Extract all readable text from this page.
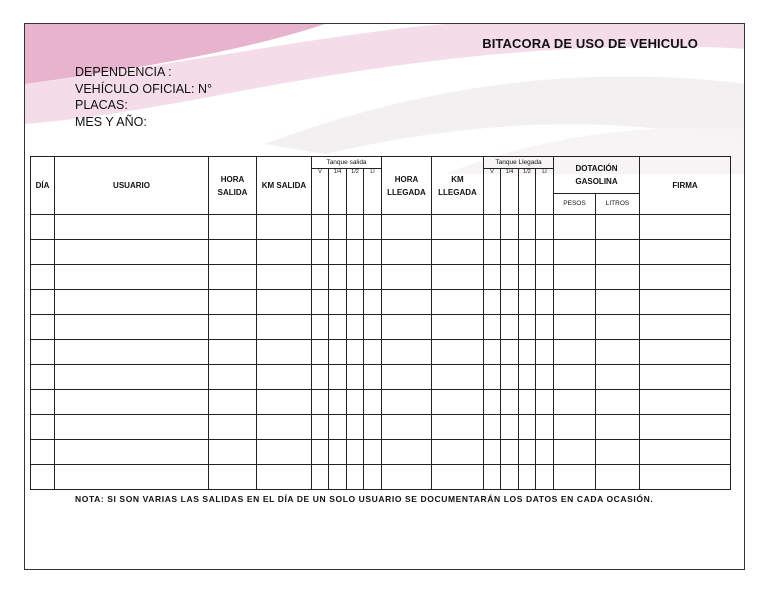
BITACORA DE USO DE VEHICULO
DEPENDENCIA :
VEHÍCULO OFICIAL: N°
PLACAS:
MES Y AÑO:
DÍA	USUARIO	HORA SALIDA	KM SALIDA	Tanque salida				HORA LLEGADA	KM LLEGADA	Tanque Llegada				DOTACIÓN GASOLINA		FIRMA
				V	1/4	1/2	Ll			V	1/4	1/2	Ll			
														PESOS	LITROS	

NOTA: SI SON VARIAS LAS SALIDAS EN EL DÍA DE UN SOLO USUARIO SE DOCUMENTARÁN LOS DATOS EN CADA OCASIÓN.
